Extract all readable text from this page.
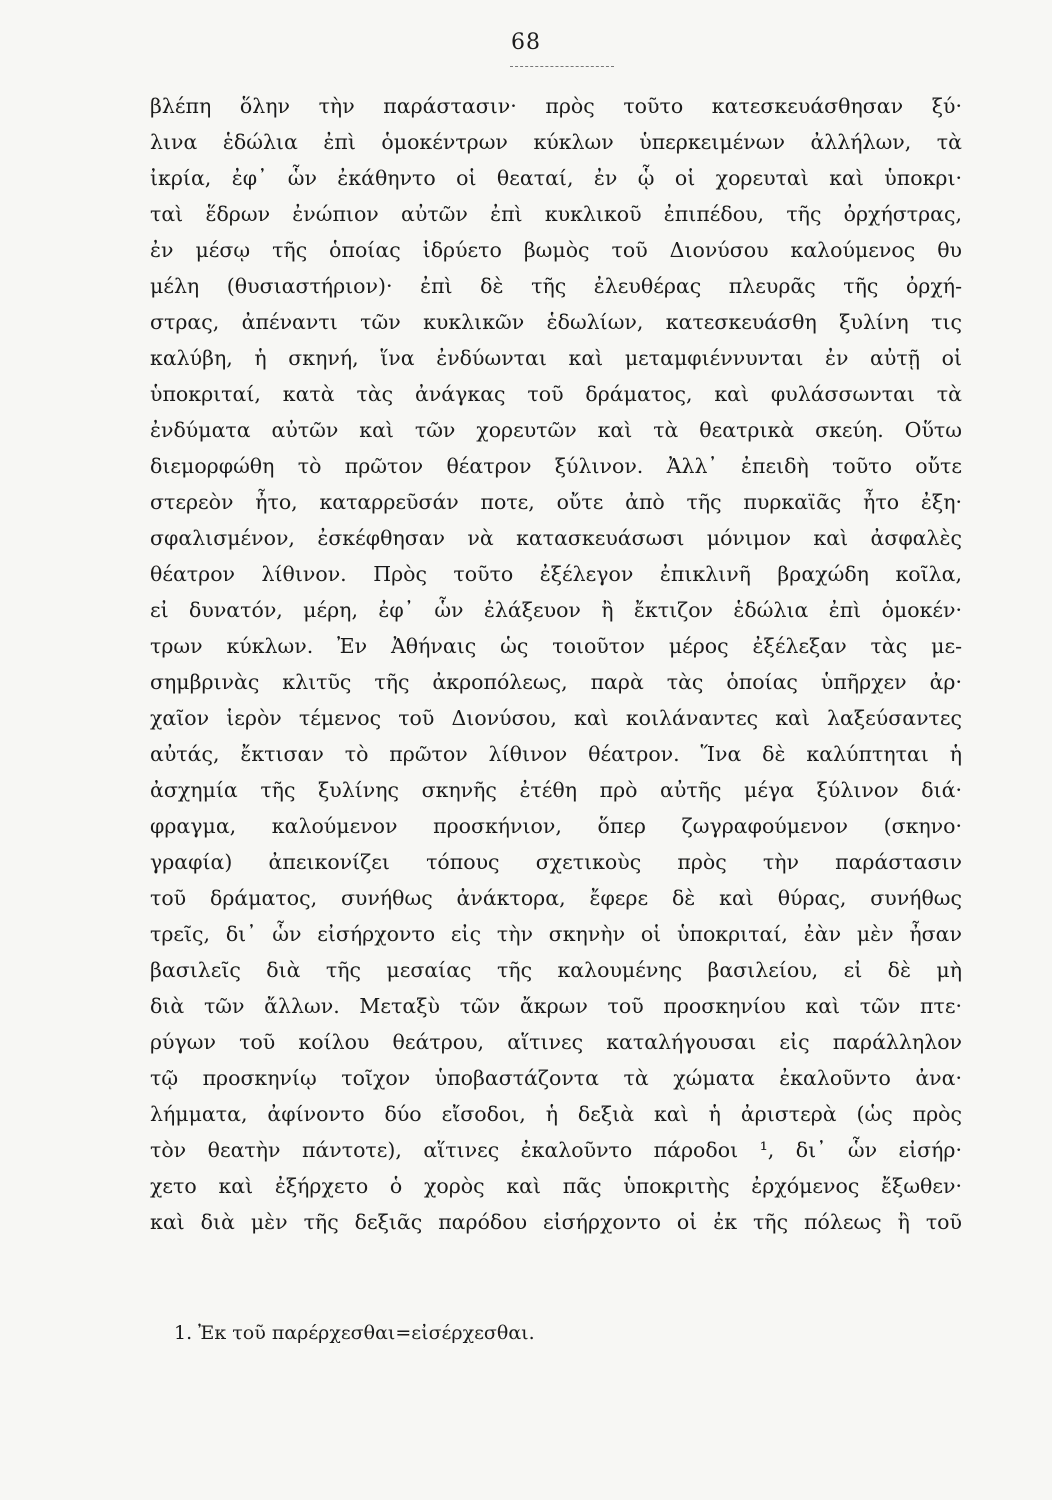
68
βλέπη ὅλην τὴν παράστασιν· πρὸς τοῦτο κατεσκευάσθησαν ξύ·
λινα ἑδώλια ἐπὶ ὁμοκέντρων κύκλων ὑπερκειμένων ἀλλήλων, τὰ
ἰκρία, ἐφ᾽ ὧν ἐκάθηντο οἱ θεαταί, ἐν ᾧ οἱ χορευταὶ καὶ ὑποκρι·
ταὶ ἕδρων ἐνώπιον αὐτῶν ἐπὶ κυκλικοῦ ἐπιπέδου, τῆς ὀρχήστρας,
ἐν μέσῳ τῆς ὁποίας ἱδρύετο βωμὸς τοῦ Διονύσου καλούμενος θυ
μέλη (θυσιαστήριον)· ἐπὶ δὲ τῆς ἐλευθέρας πλευρᾶς τῆς ὀρχή-
στρας, ἀπέναντι τῶν κυκλικῶν ἑδωλίων, κατεσκευάσθη ξυλίνη τις
καλύβη, ἡ σκηνή, ἵνα ἐνδύωνται καὶ μεταμφιέννυνται ἐν αὐτῇ οἱ
ὑποκριταί, κατὰ τὰς ἀνάγκας τοῦ δράματος, καὶ φυλάσσωνται τὰ
ἐνδύματα αὐτῶν καὶ τῶν χορευτῶν καὶ τὰ θεατρικὰ σκεύη. Οὕτω
διεμορφώθη τὸ πρῶτον θέατρον ξύλινον. Ἀλλ᾽ ἐπειδὴ τοῦτο οὔτε
στερεὸν ἦτο, καταρρεῦσάν ποτε, οὔτε ἀπὸ τῆς πυρκαϊᾶς ἦτο ἐξη·
σφαλισμένον, ἐσκέφθησαν νὰ κατασκευάσωσι μόνιμον καὶ ἀσφαλὲς
θέατρον λίθινον. Πρὸς τοῦτο ἐξέλεγον ἐπικλινῆ βραχώδη κοῖλα,
εἰ δυνατόν, μέρη, ἐφ᾽ ὧν ἐλάξευον ἢ ἔκτιζον ἑδώλια ἐπὶ ὁμοκέν·
τρων κύκλων. Ἐν Ἀθήναις ὡς τοιοῦτον μέρος ἐξέλεξαν τὰς με-
σημβρινὰς κλιτῦς τῆς ἀκροπόλεως, παρὰ τὰς ὁποίας ὑπῆρχεν ἀρ·
χαῖον ἱερὸν τέμενος τοῦ Διονύσου, καὶ κοιλάναντες καὶ λαξεύσαντες
αὐτάς, ἔκτισαν τὸ πρῶτον λίθινον θέατρον. Ἵνα δὲ καλύπτηται ἡ
ἀσχημία τῆς ξυλίνης σκηνῆς ἐτέθη πρὸ αὐτῆς μέγα ξύλινον διά·
φραγμα, καλούμενον προσκήνιον, ὅπερ ζωγραφούμενον (σκηνο·
γραφία) ἀπεικονίζει τόπους σχετικοὺς πρὸς τὴν παράστασιν
τοῦ δράματος, συνήθως ἀνάκτορα, ἔφερε δὲ καὶ θύρας, συνήθως
τρεῖς, δι᾽ ὧν εἰσήρχοντο εἰς τὴν σκηνὴν οἱ ὑποκριταί, ἐὰν μὲν ἦσαν
βασιλεῖς διὰ τῆς μεσαίας τῆς καλουμένης βασιλείου, εἰ δὲ μὴ
διὰ τῶν ἄλλων. Μεταξὺ τῶν ἄκρων τοῦ προσκηνίου καὶ τῶν πτε·
ρύγων τοῦ κοίλου θεάτρου, αἵτινες καταλήγουσαι εἰς παράλληλον
τῷ προσκηνίῳ τοῖχον ὑποβαστάζοντα τὰ χώματα ἐκαλοῦντο ἀνα·
λήμματα, ἀφίνοντο δύο εἴσοδοι, ἡ δεξιὰ καὶ ἡ ἀριστερὰ (ὡς πρὸς
τὸν θεατὴν πάντοτε), αἵτινες ἐκαλοῦντο πάροδοι ¹, δι᾽ ὧν εἰσήρ·
χετο καὶ ἐξήρχετο ὁ χορὸς καὶ πᾶς ὑποκριτὴς ἐρχόμενος ἔξωθεν·
καὶ διὰ μὲν τῆς δεξιᾶς παρόδου εἰσήρχοντο οἱ ἐκ τῆς πόλεως ἢ τοῦ
1. Ἐκ τοῦ παρέρχεσθαι=εἰσέρχεσθαι.
